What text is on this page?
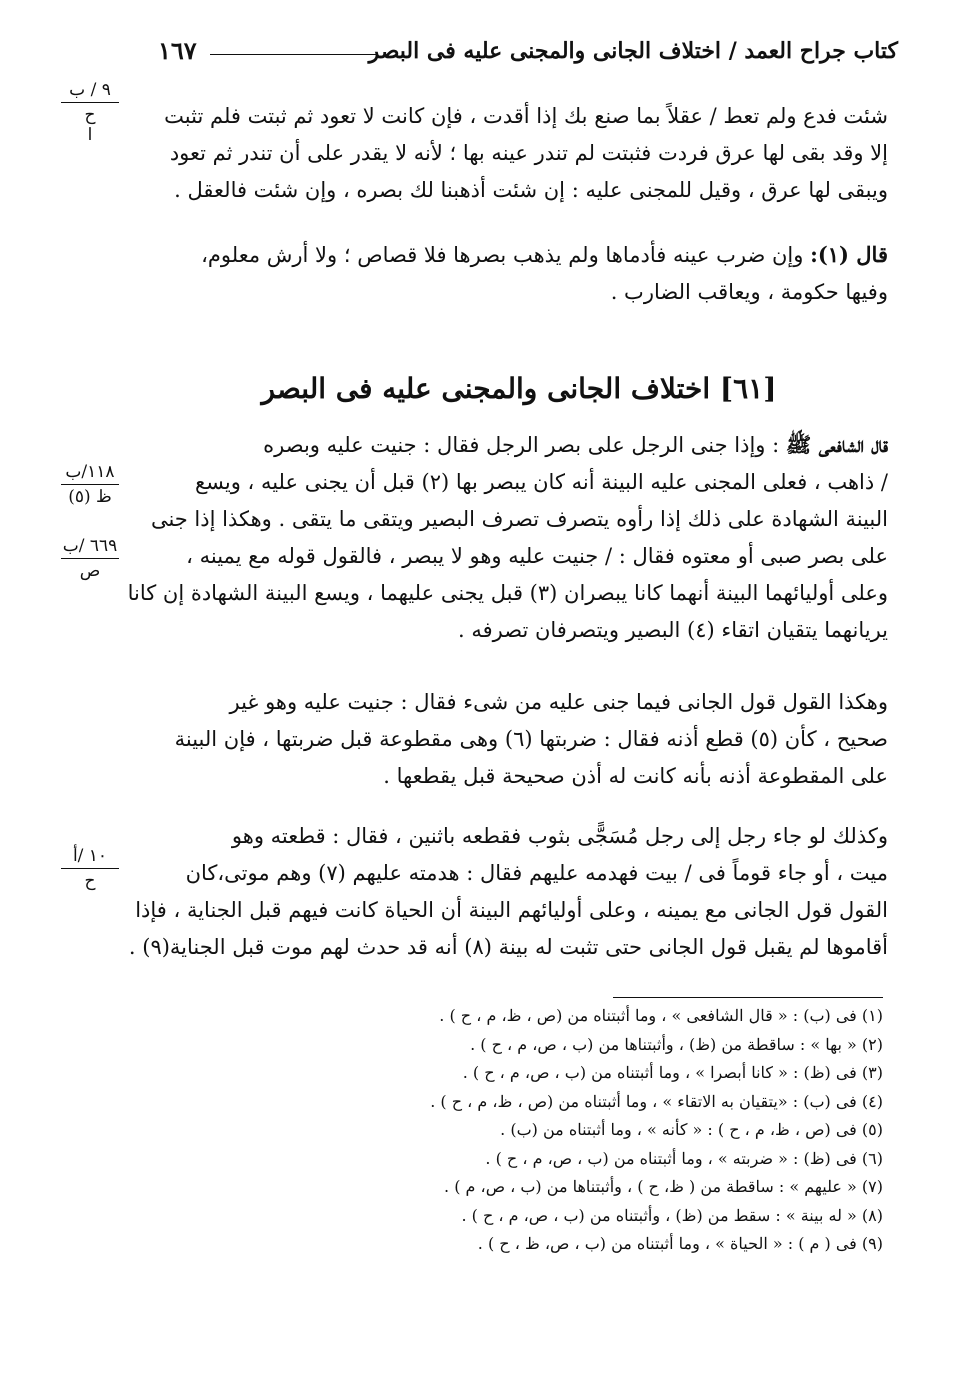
كتاب جراح العمد / اختلاف الجانى والمجنى عليه فى البصر
١٦٧
٩ / ب
ح
ا
١١٨/ب
ظ (٥)
٦٦٩ /ب
ص
١٠ /أ
ح
شئت فدع ولم تعط / عقلاً بما صنع بك إذا أقدت ، فإن كانت لا تعود ثم ثبتت فلم تثبت
إلا وقد بقى لها عرق فردت فثبتت لم تندر عينه بها ؛ لأنه لا يقدر على أن تندر ثم تعود
ويبقى لها عرق ، وقيل للمجنى عليه : إن شئت أذهبنا لك بصره ، وإن شئت فالعقل .
قال (١): وإن ضرب عينه فأدماها ولم يذهب بصرها فلا قصاص ؛ ولا أرش معلوم،
وفيها حكومة ، ويعاقب الضارب .
[٦١] اختلاف الجانى والمجنى عليه فى البصر
قال الشافعى ﷺ : وإذا جنى الرجل على بصر الرجل فقال : جنيت عليه وبصره
/ ذاهب ، فعلى المجنى عليه البينة أنه كان يبصر بها (٢) قبل أن يجنى عليه ، ويسع
البينة الشهادة على ذلك إذا رأوه يتصرف تصرف البصير ويتقى ما يتقى . وهكذا إذا جنى
على بصر صبى أو معتوه فقال : / جنيت عليه وهو لا يبصر ، فالقول قوله مع يمينه ،
وعلى أوليائهما البينة أنهما كانا يبصران (٣) قبل يجنى عليهما ، ويسع البينة الشهادة إن كانا
يريانهما يتقيان اتقاء (٤) البصير ويتصرفان تصرفه .
وهكذا القول قول الجانى فيما جنى عليه من شىء فقال : جنيت عليه وهو غير
صحيح ، كأن (٥) قطع أذنه فقال : ضربتها (٦) وهى مقطوعة قبل ضربتها ، فإن البينة
على المقطوعة أذنه بأنه كانت له أذن صحيحة قبل يقطعها .
وكذلك لو جاء رجل إلى رجل مُسَجًّى بثوب فقطعه باثنين ، فقال : قطعته وهو
ميت ، أو جاء قوماً فى / بيت فهدمه عليهم فقال : هدمته عليهم (٧) وهم موتى،كان
القول قول الجانى مع يمينه ، وعلى أوليائهم البينة أن الحياة كانت فيهم قبل الجناية ، فإذا
أقاموها لم يقبل قول الجانى حتى تثبت له بينة (٨) أنه قد حدث لهم موت قبل الجناية(٩) .
(١) فى (ب) : « قال الشافعى » ، وما أثبتناه من (ص ، ظ، م ، ح ) .
(٢) « بها » : ساقطة من (ظ) ، وأثبتناها من (ب ، ص، م ، ح ) .
(٣) فى (ظ) : « كانا أبصرا » ، وما أثبتناه من (ب ، ص، م ، ح ) .
(٤) فى (ب) : «يتقيان به الاتقاء » ، وما أثبتناه من (ص ، ظ، م ، ح ) .
(٥) فى (ص ، ظ، م ، ح ) : « كأنه » ، وما أثبتناه من (ب) .
(٦) فى (ظ) : « ضربته » ، وما أثبتناه من (ب ، ص، م ، ح ) .
(٧) « عليهم » : ساقطة من ( ظ، ح ) ، وأثبتناها من (ب ، ص، م ) .
(٨) « له بينة » : سقط من (ظ) ، وأثبتناه من (ب ، ص، م ، ح ) .
(٩) فى ( م ) : « الحياة » ، وما أثبتناه من (ب ، ص، ظ ، ح ) .
